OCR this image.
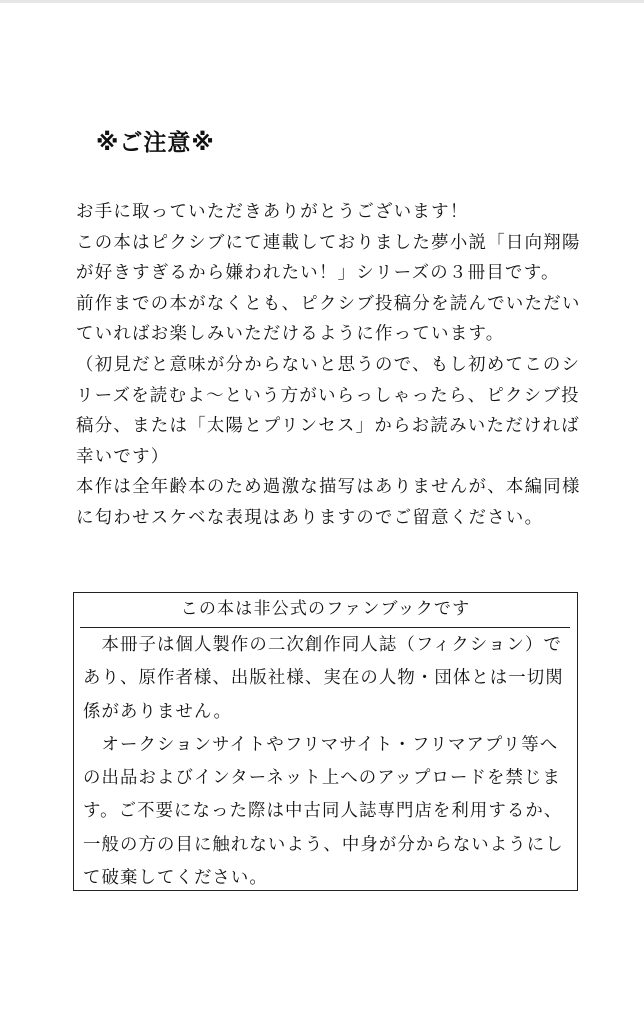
※ご注意※
お手に取っていただきありがとうございます！
この本はピクシブにて連載しておりました夢小説「日向翔陽
が好きすぎるから嫌われたい！」シリーズの３冊目です。
前作までの本がなくとも、ピクシブ投稿分を読んでいただい
ていればお楽しみいただけるように作っています。
（初見だと意味が分からないと思うので、もし初めてこのシ
リーズを読むよ～という方がいらっしゃったら、ピクシブ投
稿分、または「太陽とプリンセス」からお読みいただければ
幸いです）
本作は全年齢本のため過激な描写はありませんが、本編同様
に匂わせスケベな表現はありますのでご留意ください。
この本は非公式のファンブックです
　本冊子は個人製作の二次創作同人誌（フィクション）で
あり、原作者様、出版社様、実在の人物・団体とは一切関
係がありません。
　オークションサイトやフリマサイト・フリマアプリ等へ
の出品およびインターネット上へのアップロードを禁じま
す。ご不要になった際は中古同人誌専門店を利用するか、
一般の方の目に触れないよう、中身が分からないようにし
て破棄してください。
